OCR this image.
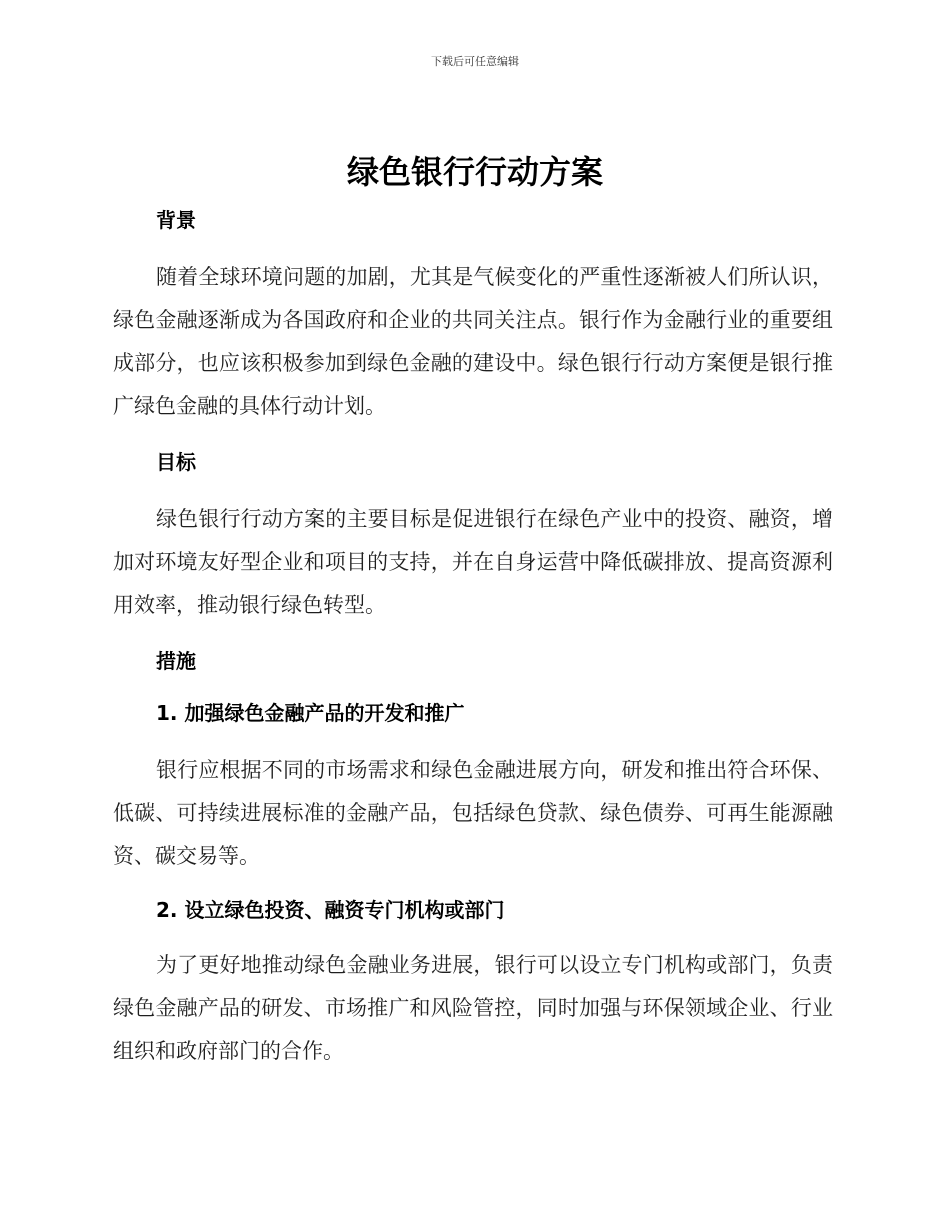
下载后可任意编辑
绿色银行行动方案
背景

随着全球环境问题的加剧，尤其是气候变化的严重性逐渐被人们所认识，绿色金融逐渐成为各国政府和企业的共同关注点。银行作为金融行业的重要组成部分，也应该积极参加到绿色金融的建设中。绿色银行行动方案便是银行推广绿色金融的具体行动计划。

目标

绿色银行行动方案的主要目标是促进银行在绿色产业中的投资、融资，增加对环境友好型企业和项目的支持，并在自身运营中降低碳排放、提高资源利用效率，推动银行绿色转型。

措施
1. 加强绿色金融产品的开发和推广

银行应根据不同的市场需求和绿色金融进展方向，研发和推出符合环保、低碳、可持续进展标准的金融产品，包括绿色贷款、绿色债券、可再生能源融资、碳交易等。

2. 设立绿色投资、融资专门机构或部门

为了更好地推动绿色金融业务进展，银行可以设立专门机构或部门，负责绿色金融产品的研发、市场推广和风险管控，同时加强与环保领域企业、行业组织和政府部门的合作。
